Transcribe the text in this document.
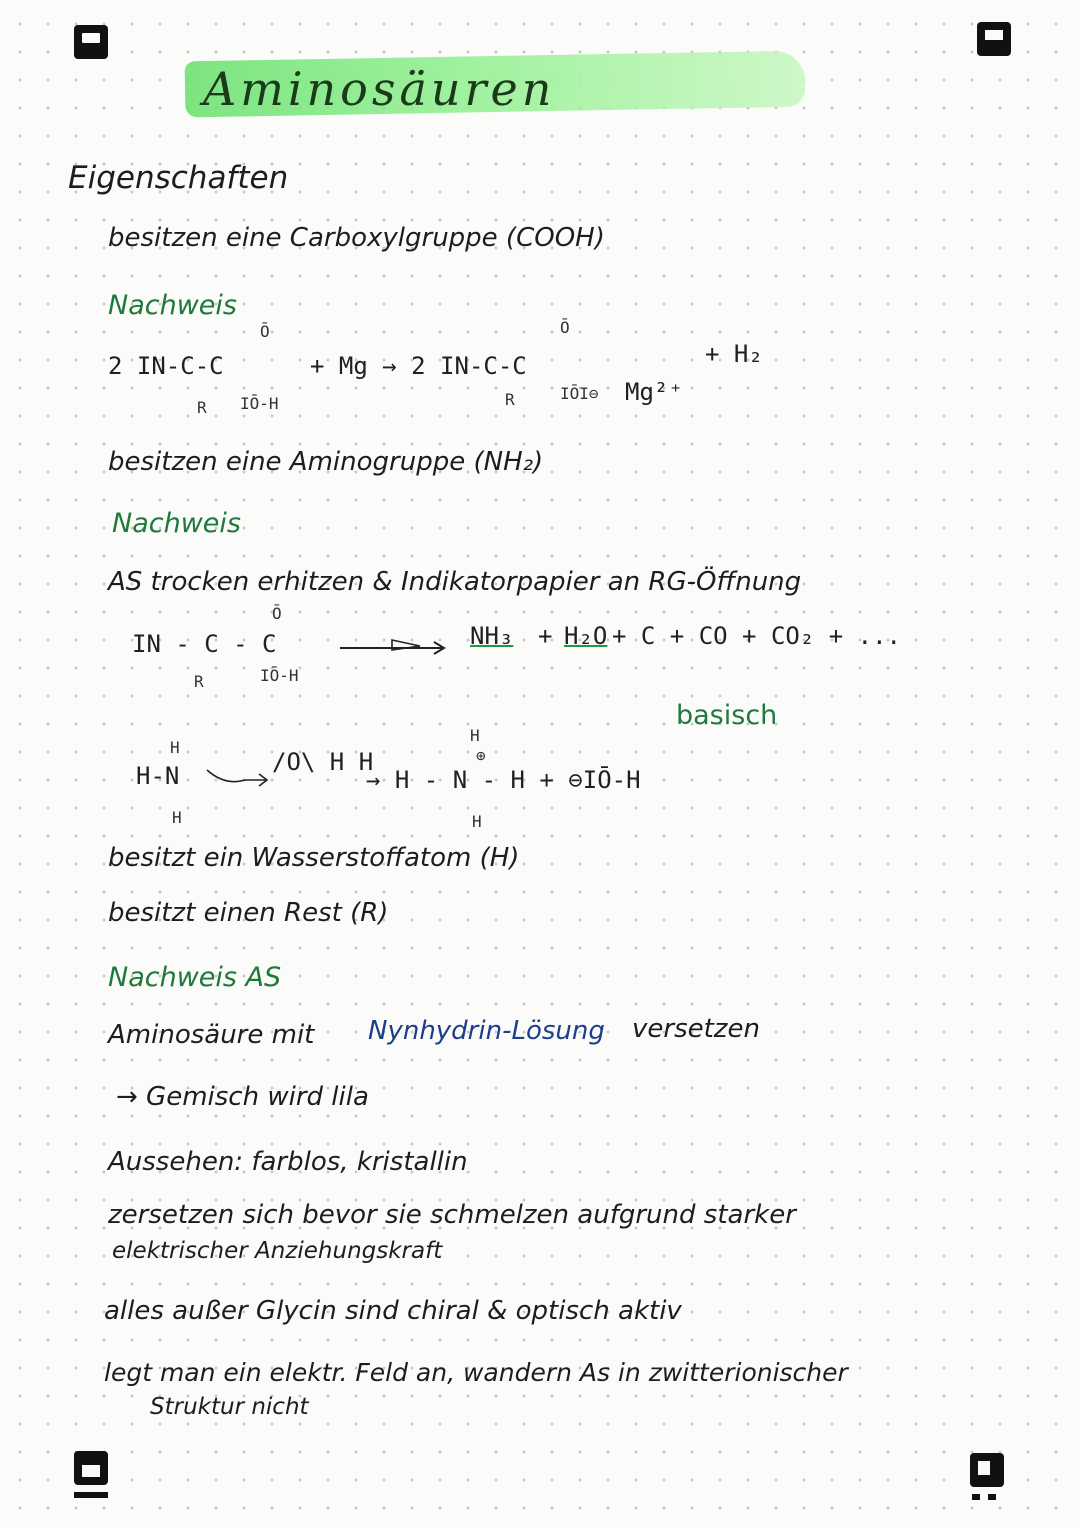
Aminosäuren
Eigenschaften
besitzen eine Carboxylgruppe (COOH)
Nachweis
2 IN-C-C
Ō
R IŌ-H
+ Mg → 2 IN-C-C
Ō
R	IŌI⊖ Mg²⁺
+ H₂
besitzen eine Aminogruppe (NH₂)
Nachweis
AS trocken erhitzen & Indikatorpapier an RG-Öffnung
IN - C - C
Ō
R	IŌ-H
NH₃ + H₂O + C + CO + CO₂ + ...
H
H-N
H
/O\ H H
H
⊕
→ H - N - H + ⊖IŌ-H
H
basisch
besitzt ein Wasserstoffatom (H)
besitzt einen Rest (R)
Nachweis AS
Aminosäure mit Nynhydrin-Lösung versetzen
→ Gemisch wird lila
Aussehen: farblos, kristallin
zersetzen sich bevor sie schmelzen aufgrund starker
elektrischer Anziehungskraft
alles außer Glycin sind chiral & optisch aktiv
legt man ein elektr. Feld an, wandern As in zwitterionischer
Struktur nicht
